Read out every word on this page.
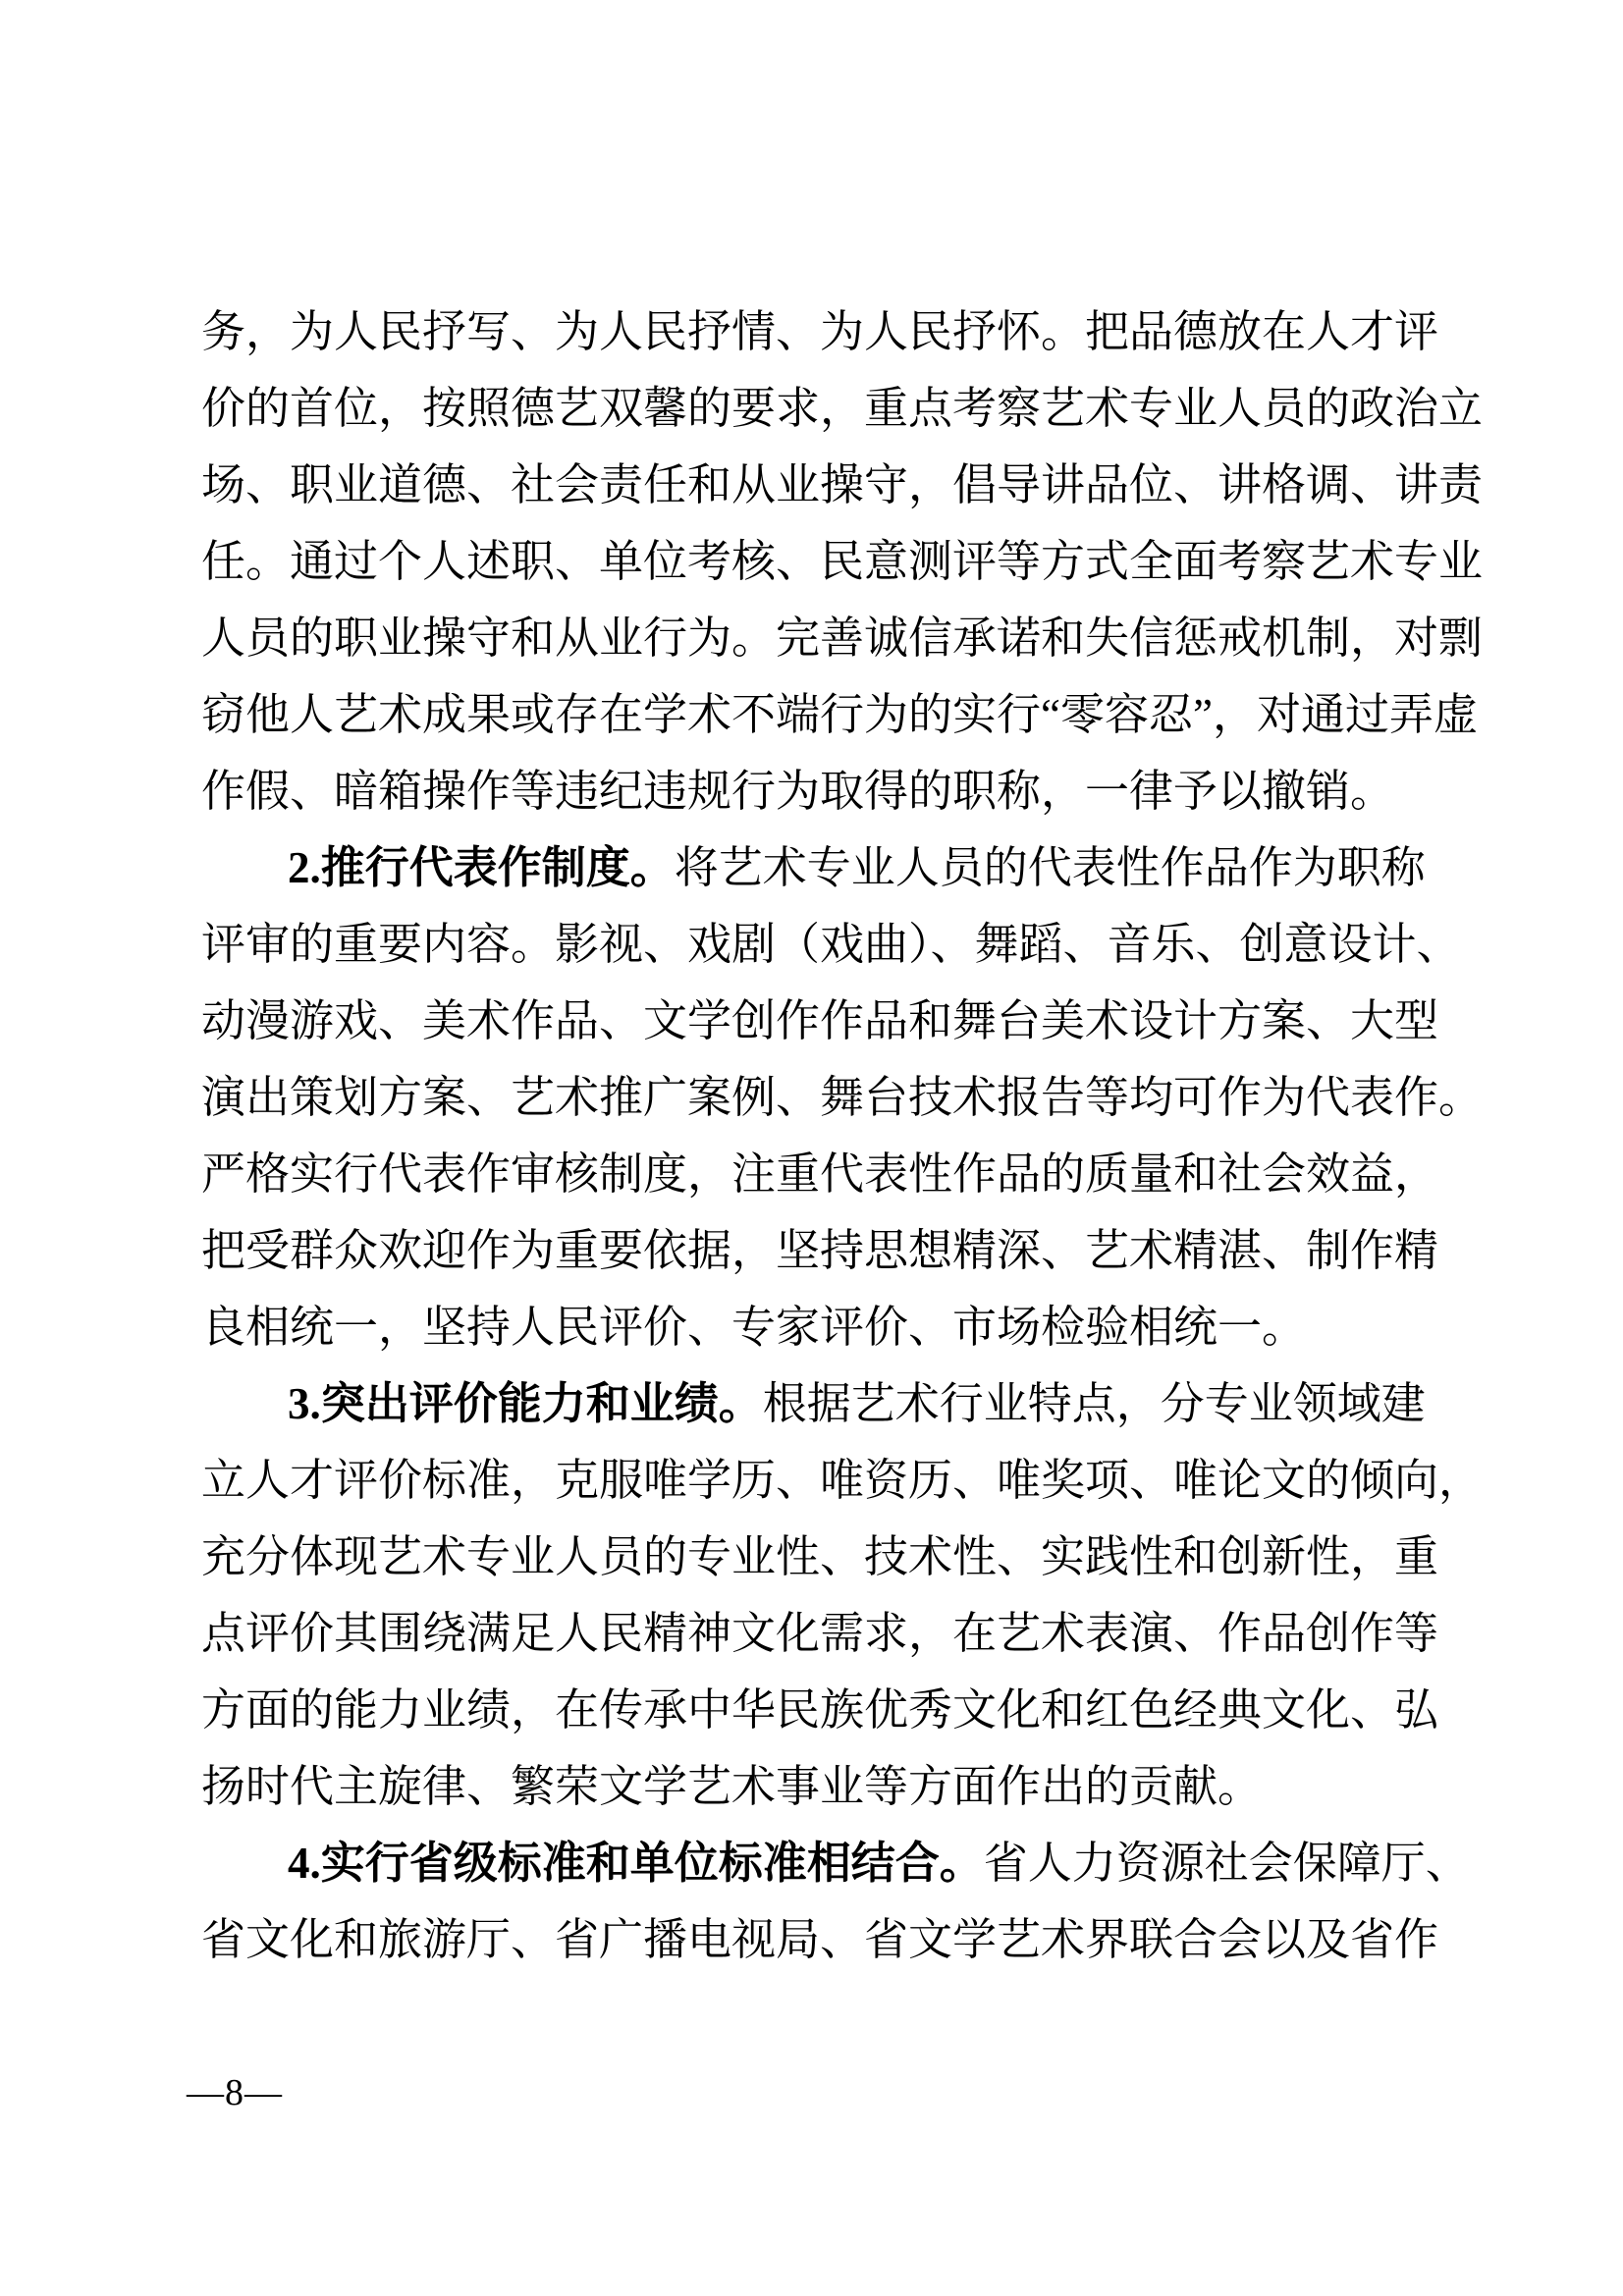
务，为人民抒写、为人民抒情、为人民抒怀。把品德放在人才评
价的首位，按照德艺双馨的要求，重点考察艺术专业人员的政治立
场、职业道德、社会责任和从业操守，倡导讲品位、讲格调、讲责
任。通过个人述职、单位考核、民意测评等方式全面考察艺术专业
人员的职业操守和从业行为。完善诚信承诺和失信惩戒机制，对剽
窃他人艺术成果或存在学术不端行为的实行“零容忍”，对通过弄虚
作假、暗箱操作等违纪违规行为取得的职称，一律予以撤销。
2.推行代表作制度。将艺术专业人员的代表性作品作为职称
评审的重要内容。影视、戏剧（戏曲）、舞蹈、音乐、创意设计、
动漫游戏、美术作品、文学创作作品和舞台美术设计方案、大型
演出策划方案、艺术推广案例、舞台技术报告等均可作为代表作。
严格实行代表作审核制度，注重代表性作品的质量和社会效益，
把受群众欢迎作为重要依据，坚持思想精深、艺术精湛、制作精
良相统一，坚持人民评价、专家评价、市场检验相统一。
3.突出评价能力和业绩。根据艺术行业特点，分专业领域建
立人才评价标准，克服唯学历、唯资历、唯奖项、唯论文的倾向，
充分体现艺术专业人员的专业性、技术性、实践性和创新性，重
点评价其围绕满足人民精神文化需求，在艺术表演、作品创作等
方面的能力业绩，在传承中华民族优秀文化和红色经典文化、弘
扬时代主旋律、繁荣文学艺术事业等方面作出的贡献。
4.实行省级标准和单位标准相结合。省人力资源社会保障厅、
省文化和旅游厅、省广播电视局、省文学艺术界联合会以及省作
—8—
